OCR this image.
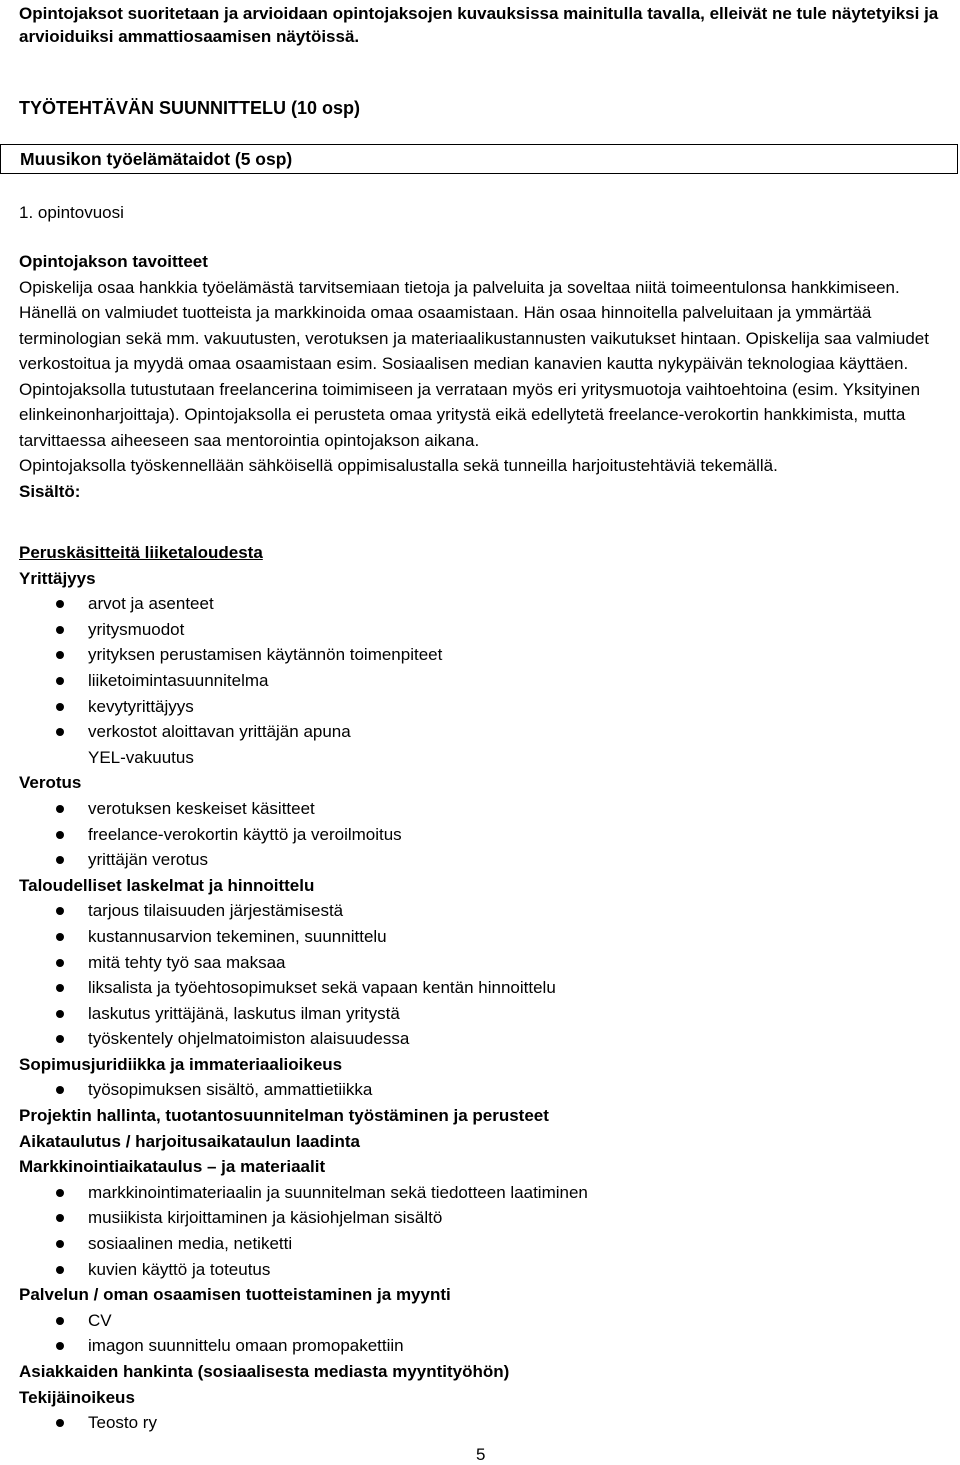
Opintojaksot suoritetaan ja arvioidaan opintojaksojen kuvauksissa mainitulla tavalla, elleivät ne tule näytetyiksi ja arvioiduiksi ammattiosaamisen näytöissä.
TYÖTEHTÄVÄN SUUNNITTELU (10 osp)
Muusikon työelämätaidot (5 osp)
1. opintovuosi

Opintojakson tavoitteet

Opiskelija osaa hankkia työelämästä tarvitsemiaan tietoja ja palveluita ja soveltaa niitä toimeentulonsa hankkimiseen. Hänellä on valmiudet tuotteista ja markkinoida omaa osaamistaan. Hän osaa hinnoitella palveluitaan ja ymmärtää terminologian sekä mm. vakuutusten, verotuksen ja materiaalikustannusten vaikutukset hintaan. Opiskelija saa valmiudet verkostoitua ja myydä omaa osaamistaan esim. Sosiaalisen median kanavien kautta nykypäivän teknologiaa käyttäen.

Opintojaksolla tutustutaan freelancerina toimimiseen ja verrataan myös eri yritysmuotoja vaihtoehtoina (esim. Yksityinen elinkeinonharjoittaja). Opintojaksolla ei perusteta omaa yritystä eikä edellytetä freelance-verokortin hankkimista, mutta tarvittaessa aiheeseen saa mentorointia opintojakson aikana.

Opintojaksolla työskennellään sähköisellä oppimisalustalla sekä tunneilla harjoitustehtäviä tekemällä.

Sisältö:

Peruskäsitteitä liiketaloudesta
Yrittäjyys
arvot ja asenteet
yritysmuodot
yrityksen perustamisen käytännön toimenpiteet
liiketoimintasuunnitelma
kevytyrittäjyys
verkostot aloittavan yrittäjän apuna
YEL-vakuutus
Verotus
verotuksen keskeiset käsitteet
freelance-verokortin käyttö ja veroilmoitus
yrittäjän verotus
Taloudelliset laskelmat ja hinnoittelu
tarjous tilaisuuden järjestämisestä
kustannusarvion tekeminen, suunnittelu
mitä tehty työ saa maksaa
liksalista ja työehtosopimukset sekä vapaan kentän hinnoittelu
laskutus yrittäjänä, laskutus ilman yritystä
työskentely ohjelmatoimiston alaisuudessa
Sopimusjuridiikka ja immateriaalioikeus
työsopimuksen sisältö, ammattietiikka
Projektin hallinta, tuotantosuunnitelman työstäminen ja perusteet
Aikataulutus / harjoitusaikataulun laadinta
Markkinointiaikataulus – ja materiaalit
markkinointimateriaalin ja suunnitelman sekä tiedotteen laatiminen
musiikista kirjoittaminen ja käsiohjelman sisältö
sosiaalinen media, netiketti
kuvien käyttö ja toteutus
Palvelun / oman osaamisen tuotteistaminen ja myynti
CV
imagon suunnittelu omaan promopakettiin
Asiakkaiden hankinta (sosiaalisesta mediasta myyntityöhön)
Tekijäinoikeus
Teosto ry
5
